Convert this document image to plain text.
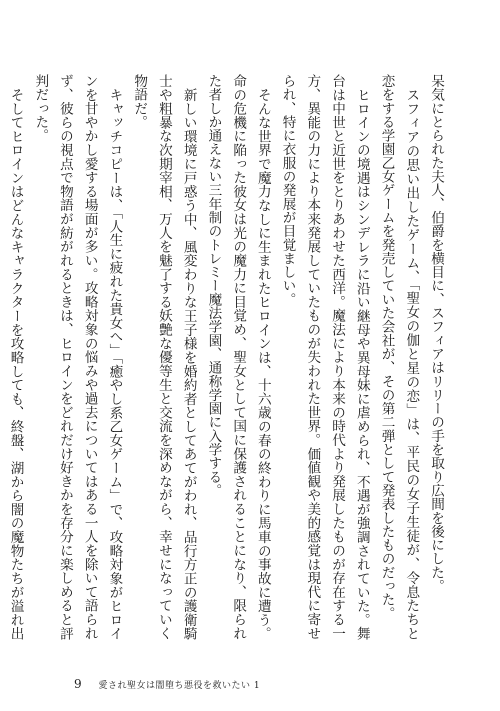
呆気にとられた夫人、伯爵を横目に、スフィアはリリーの手を取り広間を後にした。

スフィアの思い出したゲーム、「聖女の伽と星の恋」は、平民の女子生徒が、令息たちと恋をする学園乙女ゲームを発売していた会社が、その第二弾として発表したものだった。

ヒロインの境遇はシンデレラに沿い継母や異母妹に虐められ、不遇が強調されていた。舞台は中世と近世をとりあわせた西洋。魔法により本来の時代より発展したものが存在する一方、異能の力により本来発展していたものが失われた世界。価値観や美的感覚は現代に寄せられ、特に衣服の発展が目覚ましい。

そんな世界で魔力なしに生まれたヒロインは、十六歳の春の終わりに馬車の事故に遭う。命の危機に陥った彼女は光の魔力に目覚め、聖女として国に保護されることになり、限られた者しか通えない三年制のトレミー魔法学園、通称学園に入学する。

新しい環境に戸惑う中、風変わりな王子様を婚約者としてあてがわれ、品行方正の護衛騎士や粗暴な次期宰相、万人を魅了する妖艶な優等生と交流を深めながら、幸せになっていく物語だ。

キャッチコピーは、「人生に疲れた貴女へ」「癒やし系乙女ゲーム」で、攻略対象がヒロインを甘やかし愛する場面が多い。攻略対象の悩みや過去についてはある一人を除いて語られず、彼らの視点で物語が紡がれるときは、ヒロインをどれだけ好きかを存分に楽しめると評判だった。

そしてヒロインはどんなキャラクターを攻略しても、終盤、湖から闇の魔物たちが溢れ出

9 愛され聖女は闇堕ち悪役を救いたい 1
